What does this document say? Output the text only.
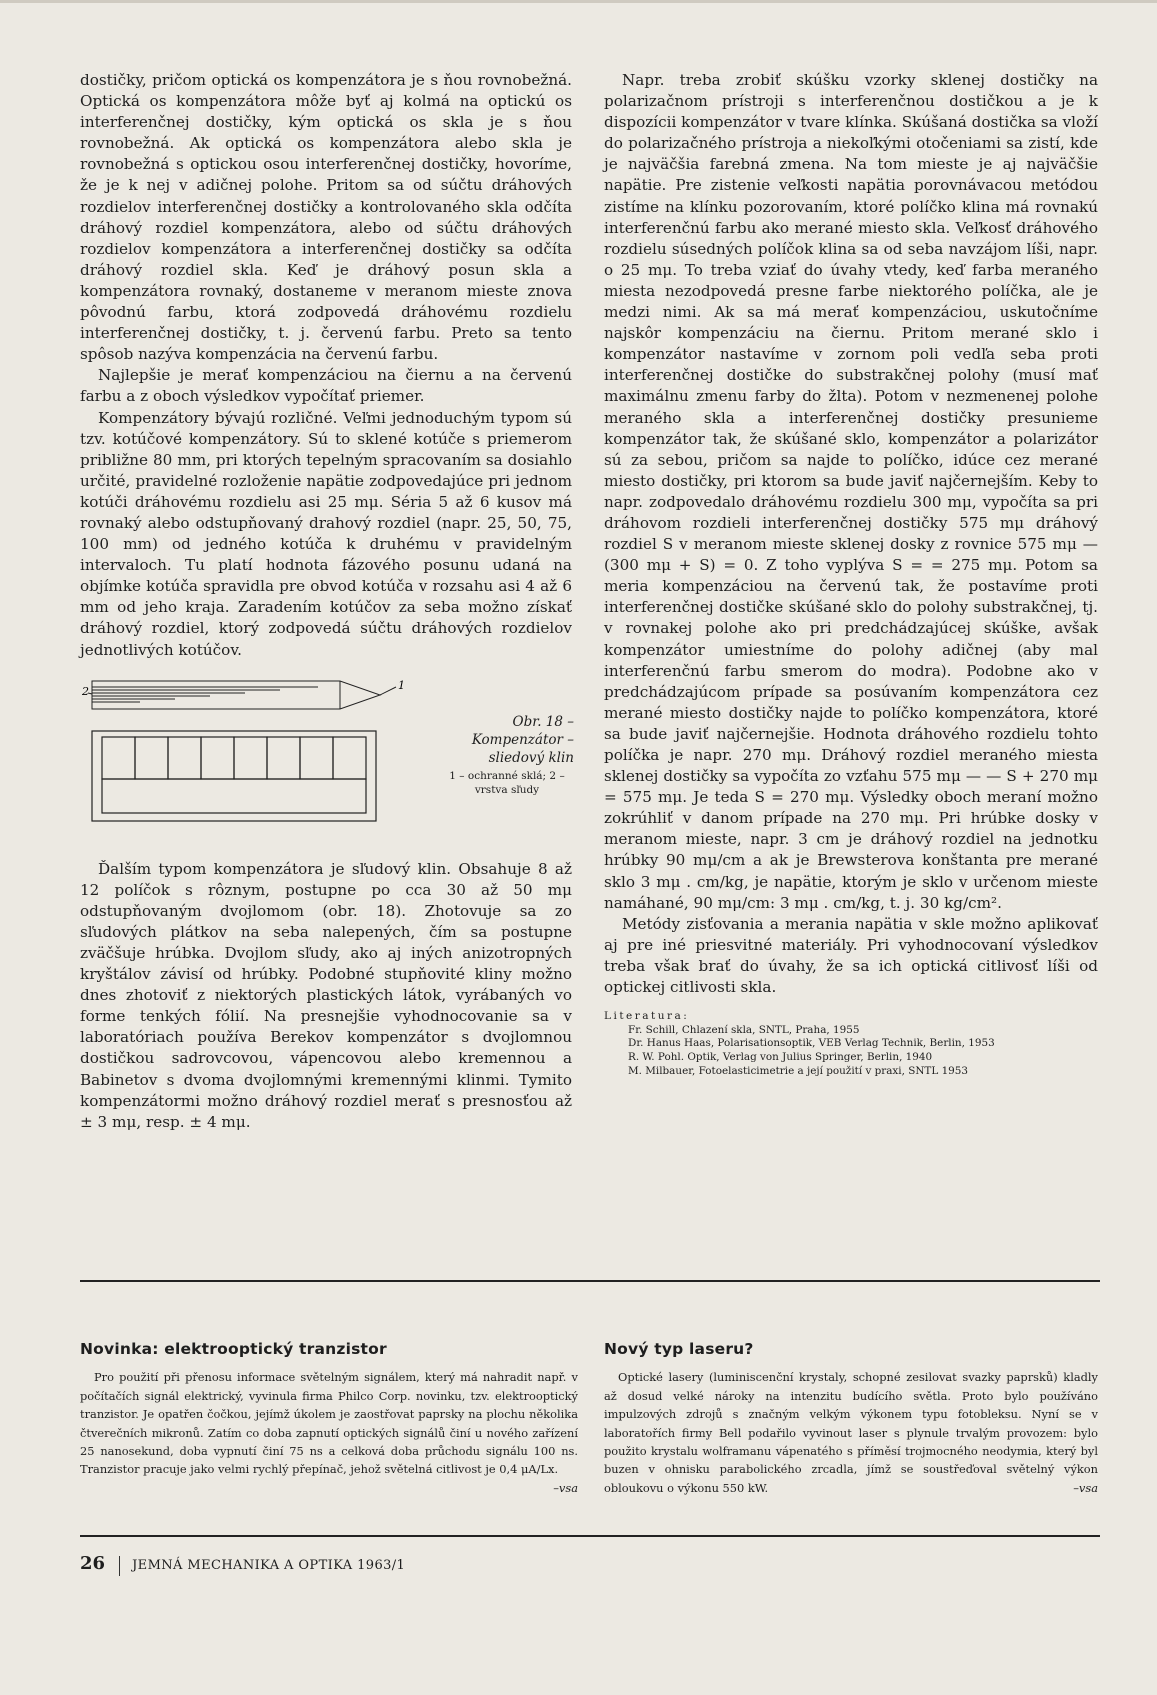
dostičky, pričom optická os kompenzátora je s ňou rovnobežná. Optická os kompenzátora môže byť aj kolmá na optickú os interferenčnej dostičky, kým optická os skla je s ňou rovnobežná. Ak optická os kompenzátora alebo skla je rovnobežná s optickou osou interferenčnej dostičky, hovoríme, že je k nej v adičnej polohe. Pritom sa od súčtu dráhových rozdielov interferenčnej dostičky a kontrolovaného skla odčíta dráhový rozdiel kompenzátora, alebo od súčtu dráhových rozdielov kompenzátora a interferenčnej dostičky sa odčíta dráhový rozdiel skla. Keď je dráhový posun skla a kompenzátora rovnaký, dostaneme v meranom mieste znova pôvodnú farbu, ktorá zodpovedá dráhovému rozdielu interferenčnej dostičky, t. j. červenú farbu. Preto sa tento spôsob nazýva kompenzácia na červenú farbu.

Najlepšie je merať kompenzáciou na čiernu a na červenú farbu a z oboch výsledkov vypočítať priemer.

Kompenzátory bývajú rozličné. Veľmi jednoduchým typom sú tzv. kotúčové kompenzátory. Sú to sklené kotúče s priemerom približne 80 mm, pri ktorých tepelným spracovaním sa dosiahlo určité, pravidelné rozloženie napätie zodpovedajúce pri jednom kotúči dráhovému rozdielu asi 25 mμ. Séria 5 až 6 kusov má rovnaký alebo odstupňovaný drahový rozdiel (napr. 25, 50, 75, 100 mm) od jedného kotúča k druhému v pravidelným intervaloch. Tu platí hodnota fázového posunu udaná na objímke kotúča spravidla pre obvod kotúča v rozsahu asi 4 až 6 mm od jeho kraja. Zaradením kotúčov za seba možno získať dráhový rozdiel, ktorý zodpovedá súčtu dráhových rozdielov jednotlivých kotúčov.

2	1
Obr. 18 – Kompenzátor – sliedový klin
1 – ochranné sklá; 2 – vrstva sľudy

Ďalším typom kompenzátora je sľudový klin. Obsahuje 8 až 12 políčok s rôznym, postupne po cca 30 až 50 mμ odstupňovaným dvojlomom (obr. 18). Zhotovuje sa zo sľudových plátkov na seba nalepených, čím sa postupne zväčšuje hrúbka. Dvojlom sľudy, ako aj iných anizotropných kryštálov závisí od hrúbky. Podobné stupňovité kliny možno dnes zhotoviť z niektorých plastických látok, vyrábaných vo forme tenkých fólií. Na presnejšie vyhodnocovanie sa v laboratóriach používa Berekov kompenzátor s dvojlomnou dostičkou sadrovcovou, vápencovou alebo kremennou a Babinetov s dvoma dvojlomnými kremennými klinmi. Tymito kompenzátormi možno dráhový rozdiel merať s presnosťou až ± 3 mμ, resp. ± 4 mμ.

Napr. treba zrobiť skúšku vzorky sklenej dostičky na polarizačnom prístroji s interferenčnou dostičkou a je k dispozícii kompenzátor v tvare klínka. Skúšaná dostička sa vloží do polarizačného prístroja a niekoľkými otočeniami sa zistí, kde je najväčšia farebná zmena. Na tom mieste je aj najväčšie napätie. Pre zistenie veľkosti napätia porovnávacou metódou zistíme na klínku pozorovaním, ktoré políčko klina má rovnakú interferenčnú farbu ako merané miesto skla. Veľkosť dráhového rozdielu súsedných políčok klina sa od seba navzájom líši, napr. o 25 mμ. To treba vziať do úvahy vtedy, keď farba meraného miesta nezodpovedá presne farbe niektorého políčka, ale je medzi nimi. Ak sa má merať kompenzáciou, uskutočníme najskôr kompenzáciu na čiernu. Pritom merané sklo i kompenzátor nastavíme v zornom poli vedľa seba proti interferenčnej dostičke do substrakčnej polohy (musí mať maximálnu zmenu farby do žlta). Potom v nezmenenej polohe meraného skla a interferenčnej dostičky presunieme kompenzátor tak, že skúšané sklo, kompenzátor a polarizátor sú za sebou, pričom sa najde to políčko, idúce cez merané miesto dostičky, pri ktorom sa bude javiť najčernejším. Keby to napr. zodpovedalo dráhovému rozdielu 300 mμ, vypočíta sa pri dráhovom rozdieli interferenčnej dostičky 575 mμ dráhový rozdiel S v meranom mieste sklenej dosky z rovnice 575 mμ — (300 mμ + S) = 0. Z toho vyplýva S = = 275 mμ. Potom sa meria kompenzáciou na červenú tak, že postavíme proti interferenčnej dostičke skúšané sklo do polohy substrakčnej, tj. v rovnakej polohe ako pri predchádzajúcej skúške, avšak kompenzátor umiestníme do polohy adičnej (aby mal interferenčnú farbu smerom do modra). Podobne ako v predchádzajúcom prípade sa posúvaním kompenzátora cez merané miesto dostičky najde to políčko kompenzátora, ktoré sa bude javiť najčernejšie. Hodnota dráhového rozdielu tohto políčka je napr. 270 mμ. Dráhový rozdiel meraného miesta sklenej dostičky sa vypočíta zo vzťahu 575 mμ — — S + 270 mμ = 575 mμ. Je teda S = 270 mμ. Výsledky oboch meraní možno zokrúhliť v danom prípade na 270 mμ. Pri hrúbke dosky v meranom mieste, napr. 3 cm je dráhový rozdiel na jednotku hrúbky 90 mμ/cm a ak je Brewsterova konštanta pre merané sklo 3 mμ . cm/kg, je napätie, ktorým je sklo v určenom mieste namáhané, 90 mμ/cm: 3 mμ . cm/kg, t. j. 30 kg/cm².

Metódy zisťovania a merania napätia v skle možno aplikovať aj pre iné priesvitné materiály. Pri vyhodnocovaní výsledkov treba však brať do úvahy, že sa ich optická citlivosť líši od optickej citlivosti skla.

Literatura:
Fr. Schill, Chlazení skla, SNTL, Praha, 1955
Dr. Hanus Haas, Polarisationsoptik, VEB Verlag Technik, Berlin, 1953
R. W. Pohl. Optik, Verlag von Julius Springer, Berlin, 1940
M. Milbauer, Fotoelasticimetrie a její použití v praxi, SNTL 1953
Novinka: elektrooptický tranzistor

Pro použití při přenosu informace světelným signálem, který má nahradit např. v počítačích signál elektrický, vyvinula firma Philco Corp. novinku, tzv. elektrooptický tranzistor. Je opatřen čočkou, jejímž úkolem je zaostřovat paprsky na plochu několika čtverečních mikronů. Zatím co doba zapnutí optických signálů činí u nového zařízení 25 nanosekund, doba vypnutí činí 75 ns a celková doba průchodu signálu 100 ns. Tranzistor pracuje jako velmi rychlý přepínač, jehož světelná citlivost je 0,4 μA/Lx.
–vsa

Nový typ laseru?

Optické lasery (luminiscenční krystaly, schopné zesilovat svazky paprsků) kladly až dosud velké nároky na intenzitu budícího světla. Proto bylo používáno impulzových zdrojů s značným velkým výkonem typu fotobleksu. Nyní se v laboratořích firmy Bell podařilo vyvinout laser s plynule trvalým provozem: bylo použito krystalu wolframanu vápenatého s příměsí trojmocného neodymia, který byl buzen v ohnisku parabolického zrcadla, jímž se soustřeďoval světelný výkon obloukovu o výkonu 550 kW.	–vsa

26 JEMNÁ MECHANIKA A OPTIKA 1963/1
